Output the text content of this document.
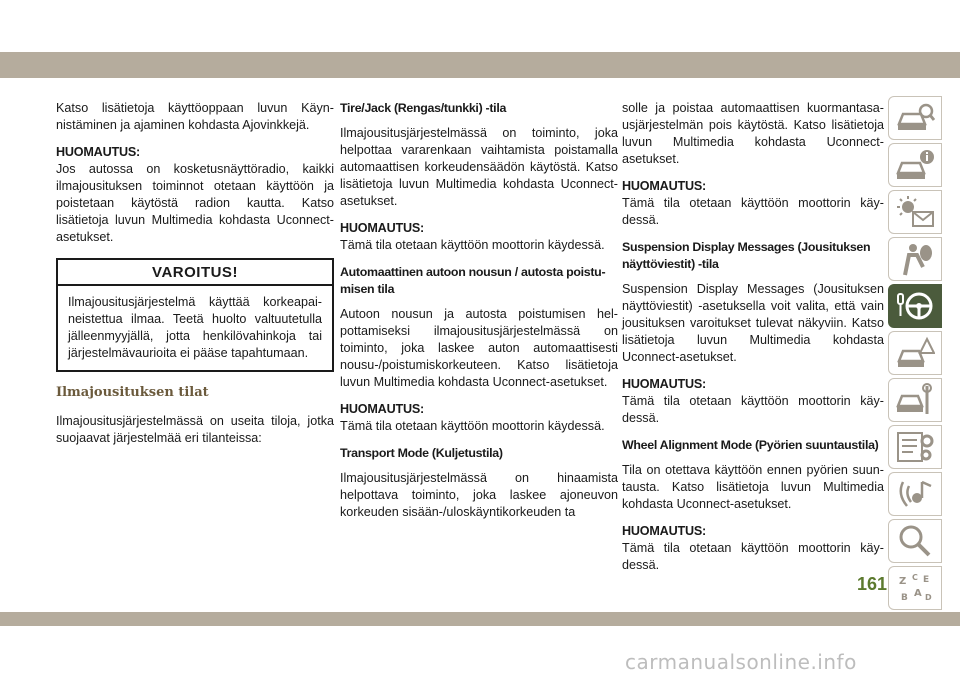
Katso lisätietoja käyttöoppaan luvun Käynnistäminen ja ajaminen kohdasta Ajovinkkejä.

HUOMAUTUS:

Jos autossa on kosketusnäyttöradio, kaikki ilmajousituksen toiminnot otetaan käyttöön ja poistetaan käytöstä radion kautta. Katso lisätietoja luvun Multimedia kohdasta Uconnect-asetukset.

VAROITUS!
Ilmajousitusjärjestelmä käyttää korkeapaineistettua ilmaa. Teetä huolto valtuutetulla jälleenmyyjällä, jotta henkilövahinkoja tai järjestelmävaurioita ei pääse tapahtumaan.
Ilmajousituksen tilat

Ilmajousitusjärjestelmässä on useita tiloja, jotka suojaavat järjestelmää eri tilanteissa:

Tire/Jack (Rengas/tunkki) -tila

Ilmajousitusjärjestelmässä on toiminto, joka helpottaa vararenkaan vaihtamista poistamalla automaattisen korkeudensäädön käytöstä. Katso lisätietoja luvun Multimedia kohdasta Uconnect-asetukset.

HUOMAUTUS:

Tämä tila otetaan käyttöön moottorin käydessä.

Automaattinen autoon nousun / autosta poistumisen tila

Autoon nousun ja autosta poistumisen helpottamiseksi ilmajousitusjärjestelmässä on toiminto, joka laskee auton automaattisesti nousu-/poistumiskorkeuteen. Katso lisätietoja luvun Multimedia kohdasta Uconnect-asetukset.

HUOMAUTUS:

Tämä tila otetaan käyttöön moottorin käydessä.

Transport Mode (Kuljetustila)

Ilmajousitusjärjestelmässä on hinaamista helpottava toiminto, joka laskee ajoneuvon korkeuden sisään-/uloskäyntikorkeuden ta

solle ja poistaa automaattisen kuormantasausjärjestelmän pois käytöstä. Katso lisätietoja luvun Multimedia kohdasta Uconnect-asetukset.

HUOMAUTUS:

Tämä tila otetaan käyttöön moottorin käydessä.

Suspension Display Messages (Jousituksen näyttöviestit) -tila

Suspension Display Messages (Jousituksen näyttöviestit) -asetuksella voit valita, että vain jousituksen varoitukset tulevat näkyviin. Katso lisätietoja luvun Multimedia kohdasta Uconnect-asetukset.

HUOMAUTUS:

Tämä tila otetaan käyttöön moottorin käydessä.

Wheel Alignment Mode (Pyörien suuntaustila)

Tila on otettava käyttöön ennen pyörien suuntausta. Katso lisätietoja luvun Multimedia kohdasta Uconnect-asetukset.

HUOMAUTUS:

Tämä tila otetaan käyttöön moottorin käydessä.

Z C E
B A D
161
carmanualsonline.info
